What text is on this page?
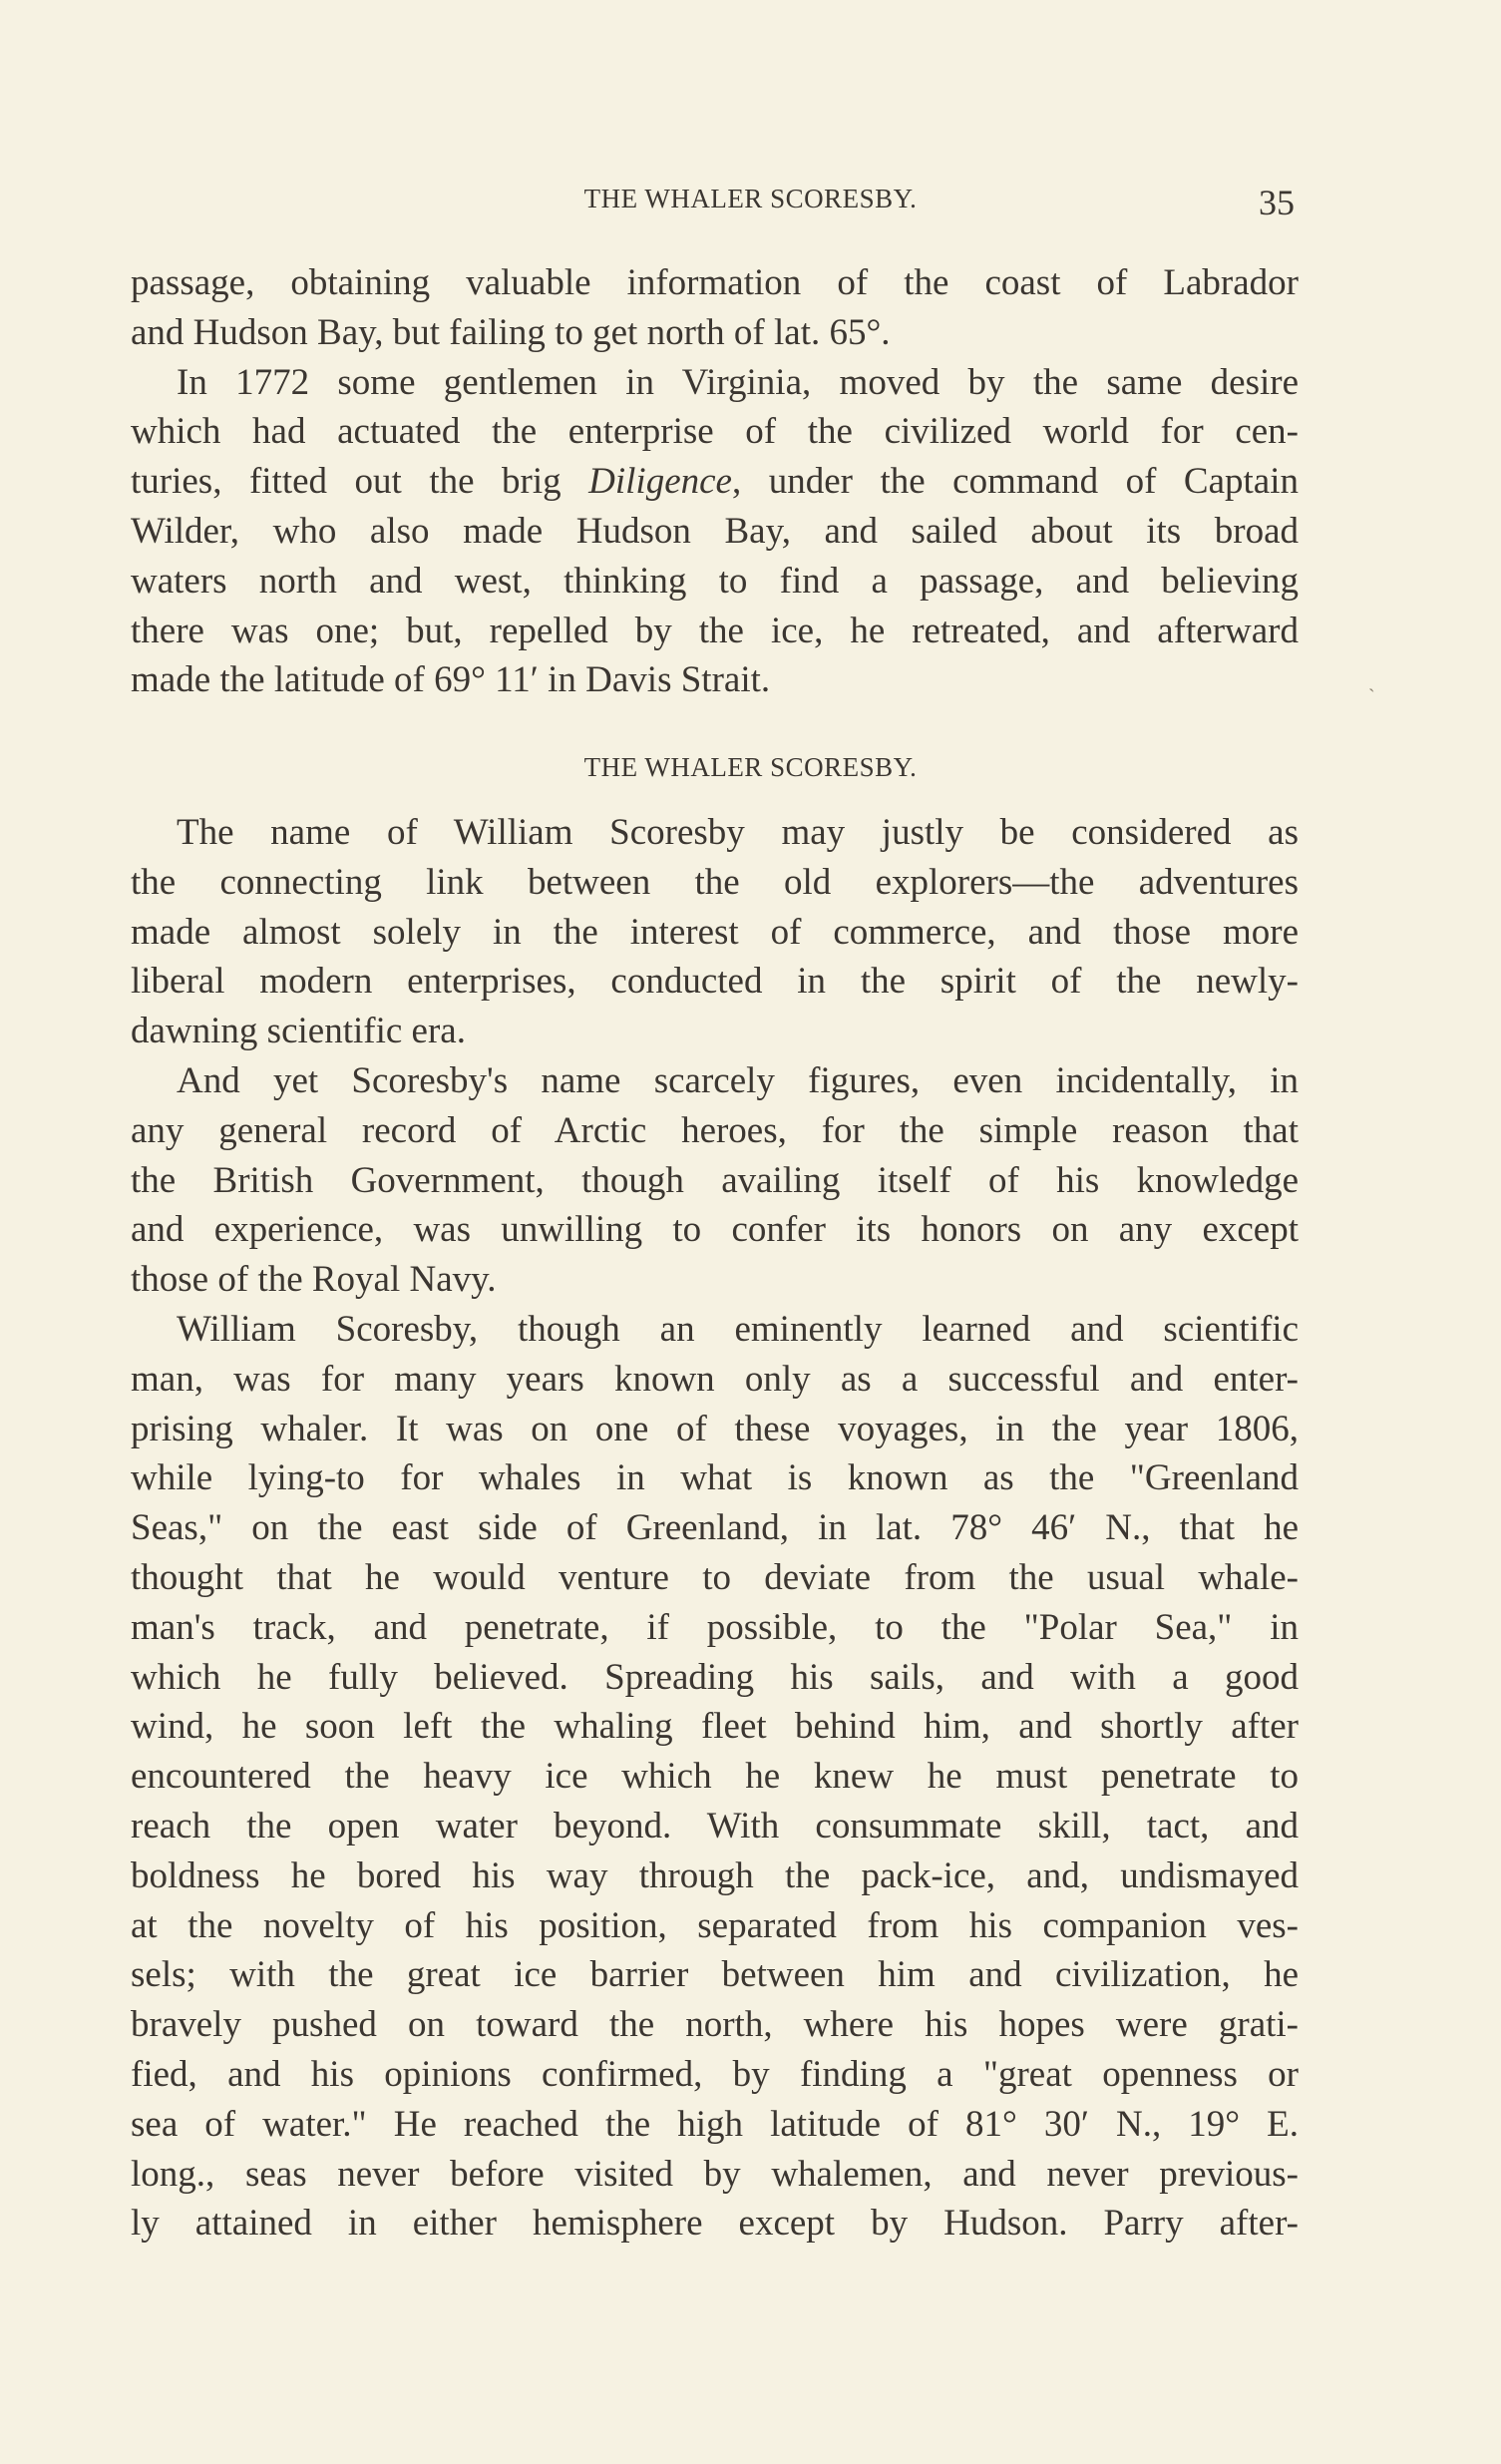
THE WHALER SCORESBY.	35
passage, obtaining valuable information of the coast of Labrador
and Hudson Bay, but failing to get north of lat. 65°.
In 1772 some gentlemen in Virginia, moved by the same desire
which had actuated the enterprise of the civilized world for cen-
turies, fitted out the brig Diligence, under the command of Captain
Wilder, who also made Hudson Bay, and sailed about its broad
waters north and west, thinking to find a passage, and believing
there was one; but, repelled by the ice, he retreated, and afterward
made the latitude of 69° 11′ in Davis Strait.
THE WHALER SCORESBY.
The name of William Scoresby may justly be considered as
the connecting link between the old explorers—the adventures
made almost solely in the interest of commerce, and those more
liberal modern enterprises, conducted in the spirit of the newly-
dawning scientific era.
And yet Scoresby's name scarcely figures, even incidentally, in
any general record of Arctic heroes, for the simple reason that
the British Government, though availing itself of his knowledge
and experience, was unwilling to confer its honors on any except
those of the Royal Navy.
William Scoresby, though an eminently learned and scientific
man, was for many years known only as a successful and enter-
prising whaler. It was on one of these voyages, in the year 1806,
while lying-to for whales in what is known as the "Greenland
Seas," on the east side of Greenland, in lat. 78° 46′ N., that he
thought that he would venture to deviate from the usual whale-
man's track, and penetrate, if possible, to the "Polar Sea," in
which he fully believed. Spreading his sails, and with a good
wind, he soon left the whaling fleet behind him, and shortly after
encountered the heavy ice which he knew he must penetrate to
reach the open water beyond. With consummate skill, tact, and
boldness he bored his way through the pack-ice, and, undismayed
at the novelty of his position, separated from his companion ves-
sels; with the great ice barrier between him and civilization, he
bravely pushed on toward the north, where his hopes were grati-
fied, and his opinions confirmed, by finding a "great openness or
sea of water." He reached the high latitude of 81° 30′ N., 19° E.
long., seas never before visited by whalemen, and never previous-
ly attained in either hemisphere except by Hudson. Parry after-
ˏ
